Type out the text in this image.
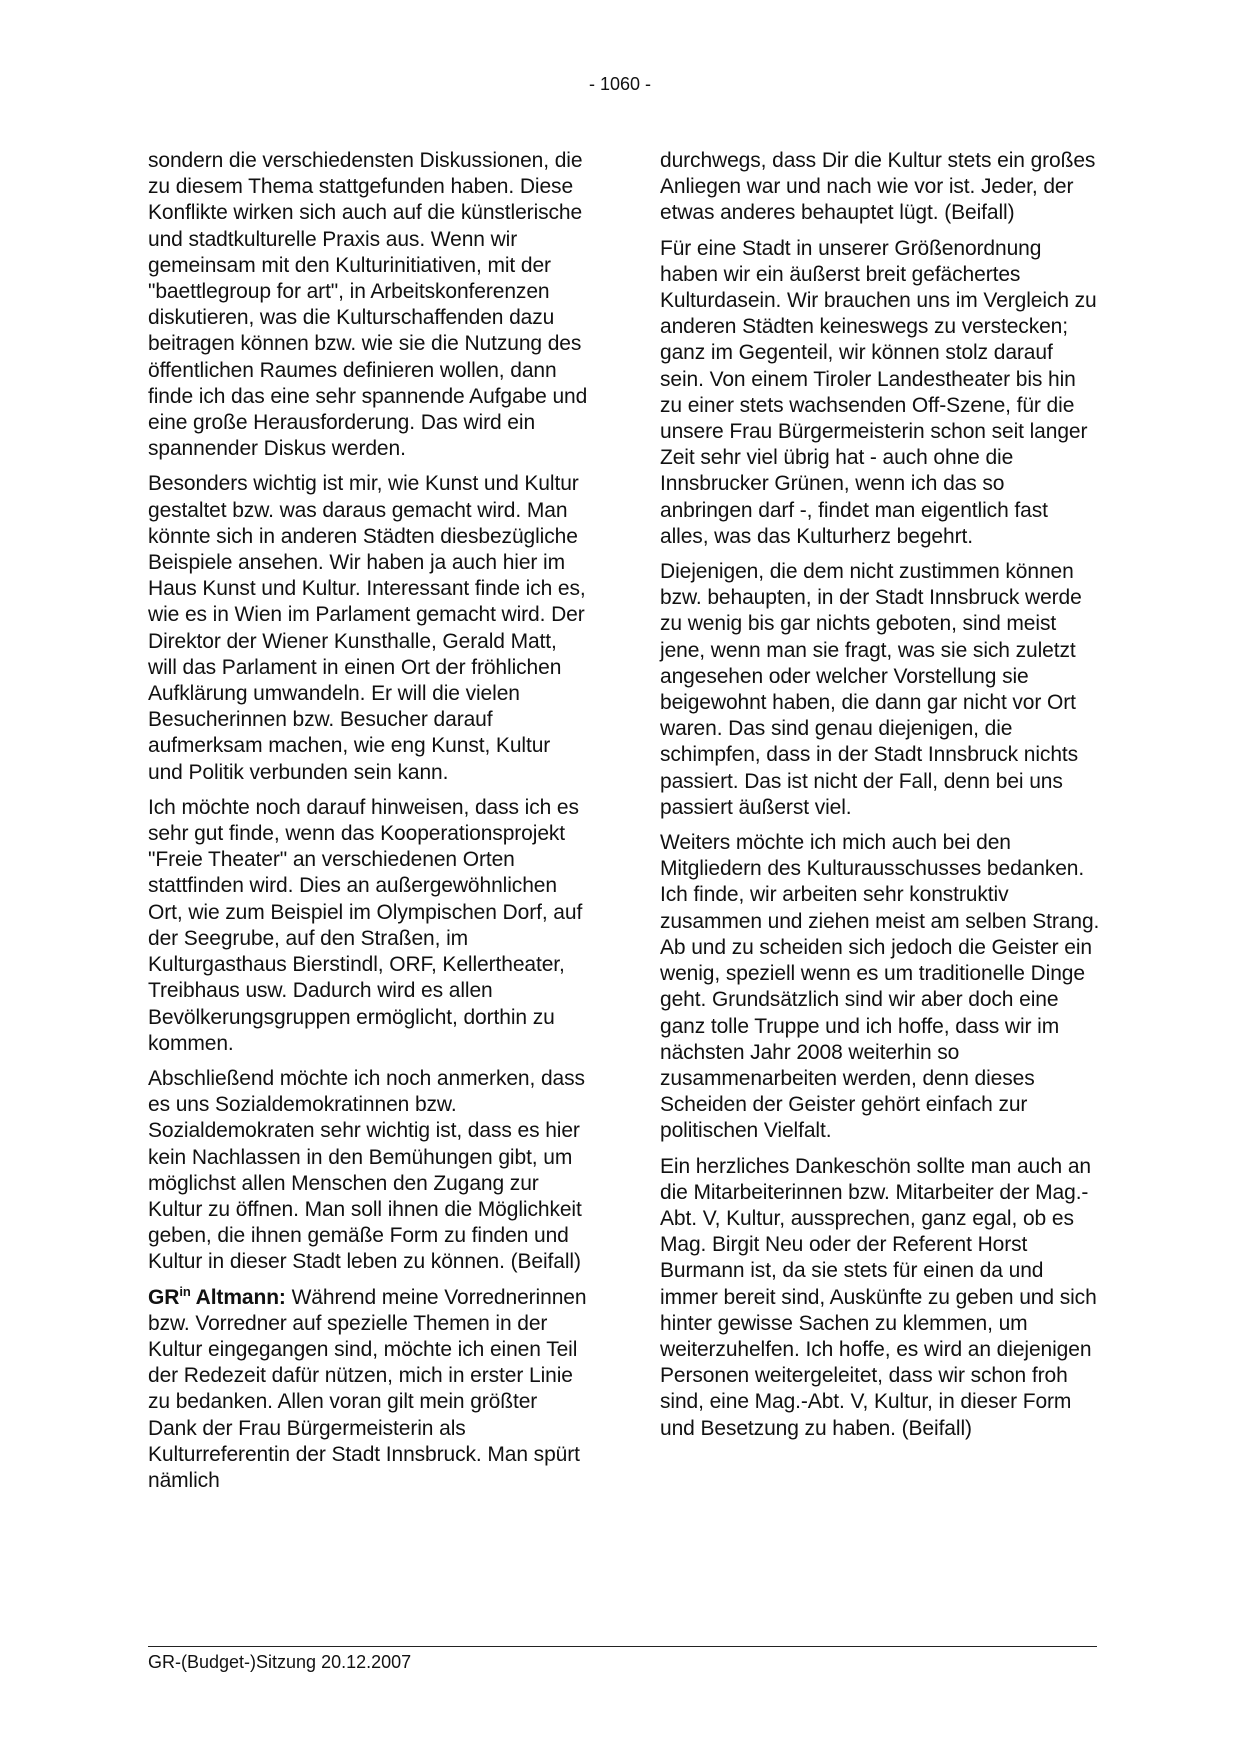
- 1060 -

sondern die verschiedensten Diskussionen, die zu diesem Thema stattgefunden haben. Diese Konflikte wirken sich auch auf die künstlerische und stadtkulturelle Praxis aus. Wenn wir gemeinsam mit den Kulturinitiativen, mit der "baettlegroup for art", in Arbeitskonferenzen diskutieren, was die Kulturschaffenden dazu beitragen können bzw. wie sie die Nutzung des öffentlichen Raumes definieren wollen, dann finde ich das eine sehr spannende Aufgabe und eine große Herausforderung. Das wird ein spannender Diskus werden.

Besonders wichtig ist mir, wie Kunst und Kultur gestaltet bzw. was daraus gemacht wird. Man könnte sich in anderen Städten diesbezügliche Beispiele ansehen. Wir haben ja auch hier im Haus Kunst und Kultur. Interessant finde ich es, wie es in Wien im Parlament gemacht wird. Der Direktor der Wiener Kunsthalle, Gerald Matt, will das Parlament in einen Ort der fröhlichen Aufklärung umwandeln. Er will die vielen Besucherinnen bzw. Besucher darauf aufmerksam machen, wie eng Kunst, Kultur und Politik verbunden sein kann.

Ich möchte noch darauf hinweisen, dass ich es sehr gut finde, wenn das Kooperationsprojekt "Freie Theater" an verschiedenen Orten stattfinden wird. Dies an außergewöhnlichen Ort, wie zum Beispiel im Olympischen Dorf, auf der Seegrube, auf den Straßen, im Kulturgasthaus Bierstindl, ORF, Kellertheater, Treibhaus usw. Dadurch wird es allen Bevölkerungsgruppen ermöglicht, dorthin zu kommen.

Abschließend möchte ich noch anmerken, dass es uns Sozialdemokratinnen bzw. Sozialdemokraten sehr wichtig ist, dass es hier kein Nachlassen in den Bemühungen gibt, um möglichst allen Menschen den Zugang zur Kultur zu öffnen. Man soll ihnen die Möglichkeit geben, die ihnen gemäße Form zu finden und Kultur in dieser Stadt leben zu können. (Beifall)

$GR^{in}$ Altmann: Während meine Vorrednerinnen bzw. Vorredner auf spezielle Themen in der Kultur eingegangen sind, möchte ich einen Teil der Redezeit dafür nützen, mich in erster Linie zu bedanken. Allen voran gilt mein größter Dank der Frau Bürgermeisterin als Kulturreferentin der Stadt Innsbruck. Man spürt nämlich

durchwegs, dass Dir die Kultur stets ein großes Anliegen war und nach wie vor ist. Jeder, der etwas anderes behauptet lügt. (Beifall)

Für eine Stadt in unserer Größenordnung haben wir ein äußerst breit gefächertes Kulturdasein. Wir brauchen uns im Vergleich zu anderen Städten keineswegs zu verstecken; ganz im Gegenteil, wir können stolz darauf sein. Von einem Tiroler Landestheater bis hin zu einer stets wachsenden Off-Szene, für die unsere Frau Bürgermeisterin schon seit langer Zeit sehr viel übrig hat - auch ohne die Innsbrucker Grünen, wenn ich das so anbringen darf -, findet man eigentlich fast alles, was das Kulturherz begehrt.

Diejenigen, die dem nicht zustimmen können bzw. behaupten, in der Stadt Innsbruck werde zu wenig bis gar nichts geboten, sind meist jene, wenn man sie fragt, was sie sich zuletzt angesehen oder welcher Vorstellung sie beigewohnt haben, die dann gar nicht vor Ort waren. Das sind genau diejenigen, die schimpfen, dass in der Stadt Innsbruck nichts passiert. Das ist nicht der Fall, denn bei uns passiert äußerst viel.

Weiters möchte ich mich auch bei den Mitgliedern des Kulturausschusses bedanken. Ich finde, wir arbeiten sehr konstruktiv zusammen und ziehen meist am selben Strang. Ab und zu scheiden sich jedoch die Geister ein wenig, speziell wenn es um traditionelle Dinge geht. Grundsätzlich sind wir aber doch eine ganz tolle Truppe und ich hoffe, dass wir im nächsten Jahr 2008 weiterhin so zusammenarbeiten werden, denn dieses Scheiden der Geister gehört einfach zur politischen Vielfalt.

Ein herzliches Dankeschön sollte man auch an die Mitarbeiterinnen bzw. Mitarbeiter der Mag.-Abt. V, Kultur, aussprechen, ganz egal, ob es Mag. Birgit Neu oder der Referent Horst Burmann ist, da sie stets für einen da und immer bereit sind, Auskünfte zu geben und sich hinter gewisse Sachen zu klemmen, um weiterzuhelfen. Ich hoffe, es wird an diejenigen Personen weitergeleitet, dass wir schon froh sind, eine Mag.-Abt. V, Kultur, in dieser Form und Besetzung zu haben. (Beifall)

GR-(Budget-)Sitzung 20.12.2007
